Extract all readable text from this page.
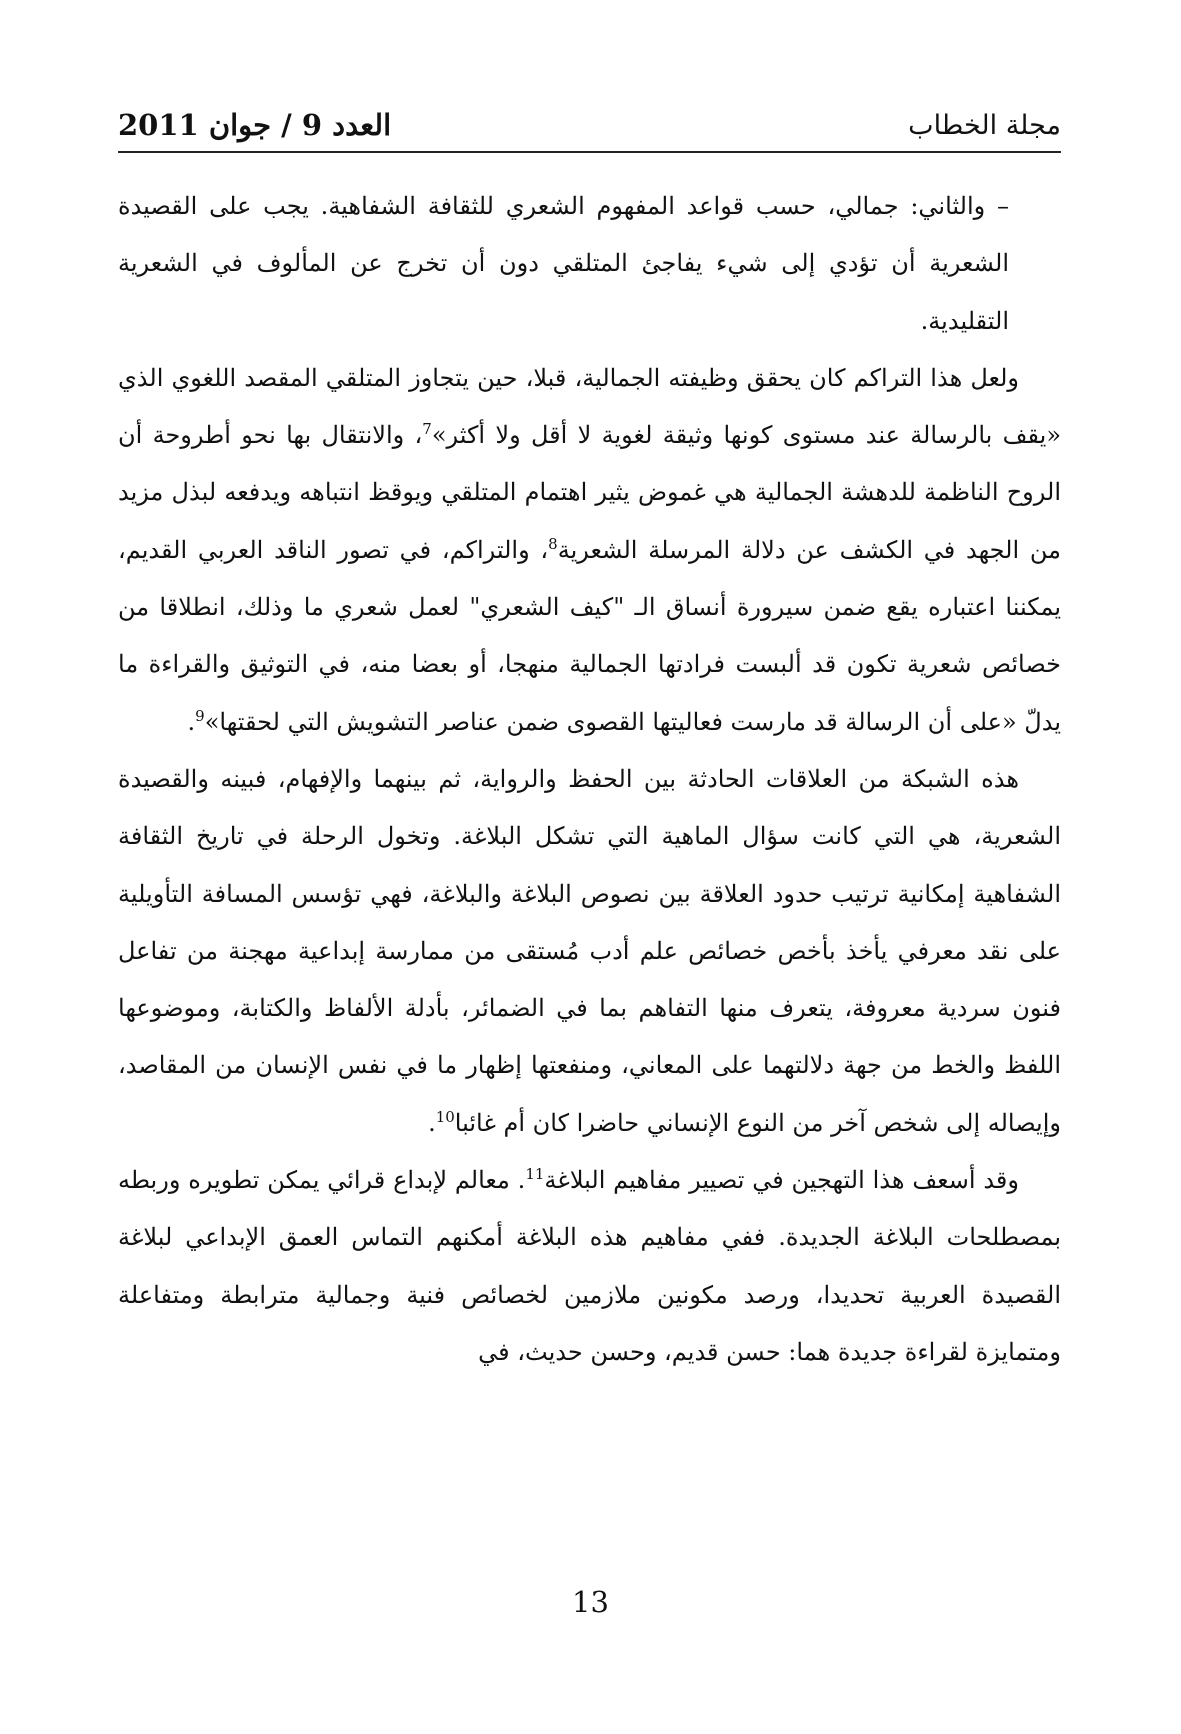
مجلة الخطاب
العدد 9 / جوان 2011

– والثاني: جمالي، حسب قواعد المفهوم الشعري للثقافة الشفاهية. يجب على القصيدة الشعرية أن تؤدي إلى شيء يفاجئ المتلقي دون أن تخرج عن المألوف في الشعرية التقليدية.

ولعل هذا التراكم كان يحقق وظيفته الجمالية، قبلا، حين يتجاوز المتلقي المقصد اللغوي الذي «يقف بالرسالة عند مستوى كونها وثيقة لغوية لا أقل ولا أكثر»$^7$، والانتقال بها نحو أطروحة أن الروح الناظمة للدهشة الجمالية هي غموض يثير اهتمام المتلقي ويوقظ انتباهه ويدفعه لبذل مزيد من الجهد في الكشف عن دلالة المرسلة الشعرية$^8$، والتراكم، في تصور الناقد العربي القديم، يمكننا اعتباره يقع ضمن سيرورة أنساق الـ "كيف الشعري" لعمل شعري ما وذلك، انطلاقا من خصائص شعرية تكون قد ألبست فرادتها الجمالية منهجا، أو بعضا منه، في التوثيق والقراءة ما يدلّ «على أن الرسالة قد مارست فعاليتها القصوى ضمن عناصر التشويش التي لحقتها»$^9$.

هذه الشبكة من العلاقات الحادثة بين الحفظ والرواية، ثم بينهما والإفهام، فبينه والقصيدة الشعرية، هي التي كانت سؤال الماهية التي تشكل البلاغة. وتخول الرحلة في تاريخ الثقافة الشفاهية إمكانية ترتيب حدود العلاقة بين نصوص البلاغة والبلاغة، فهي تؤسس المسافة التأويلية على نقد معرفي يأخذ بأخص خصائص علم أدب مُستقى من ممارسة إبداعية مهجنة من تفاعل فنون سردية معروفة، يتعرف منها التفاهم بما في الضمائر، بأدلة الألفاظ والكتابة، وموضوعها اللفظ والخط من جهة دلالتهما على المعاني، ومنفعتها إظهار ما في نفس الإنسان من المقاصد، وإيصاله إلى شخص آخر من النوع الإنساني حاضرا كان أم غائبا$^{10}$.

وقد أسعف هذا التهجين في تصيير مفاهيم البلاغة$^{11}$. معالم لإبداع قرائي يمكن تطويره وربطه بمصطلحات البلاغة الجديدة. ففي مفاهيم هذه البلاغة أمكنهم التماس العمق الإبداعي لبلاغة القصيدة العربية تحديدا، ورصد مكونين ملازمين لخصائص فنية وجمالية مترابطة ومتفاعلة ومتمايزة لقراءة جديدة هما: حسن قديم، وحسن حديث، في

13
